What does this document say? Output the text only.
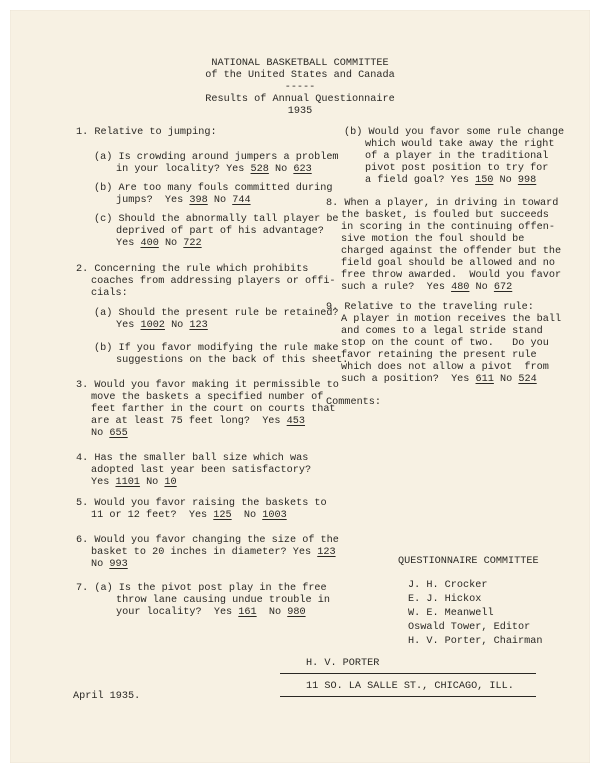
NATIONAL BASKETBALL COMMITTEE
of the United States and Canada
-----
Results of Annual Questionnaire
1935
1. Relative to jumping:
(a) Is crowding around jumpers a problem
in your locality? Yes 528 No 623
(b) Are too many fouls committed during
jumps? Yes 398 No 744
(c) Should the abnormally tall player be
deprived of part of his advantage?
Yes 400 No 722
2. Concerning the rule which prohibits
coaches from addressing players or offi-
cials:
(a) Should the present rule be retained?
Yes 1002 No 123
(b) If you favor modifying the rule make
suggestions on the back of this sheet.
3. Would you favor making it permissible to
move the baskets a specified number of
feet farther in the court on courts that
are at least 75 feet long? Yes 453
No 655
4. Has the smaller ball size which was
adopted last year been satisfactory?
Yes 1101 No 10
5. Would you favor raising the baskets to
11 or 12 feet? Yes 125 No 1003
6. Would you favor changing the size of the
basket to 20 inches in diameter? Yes 123
No 993
7. (a) Is the pivot post play in the free
throw lane causing undue trouble in
your locality? Yes 161 No 980
April 1935.
(b) Would you favor some rule change
which would take away the right
of a player in the traditional
pivot post position to try for
a field goal? Yes 150 No 998
8. When a player, in driving in toward
the basket, is fouled but succeeds
in scoring in the continuing offen-
sive motion the foul should be
charged against the offender but the
field goal should be allowed and no
free throw awarded.  Would you favor
such a rule? Yes 480 No 672
9. Relative to the traveling rule:
A player in motion receives the ball
and comes to a legal stride stand
stop on the count of two.   Do you
favor retaining the present rule
which does not allow a pivot  from
such a position? Yes 611 No 524
Comments:
QUESTIONNAIRE COMMITTEE
J. H. Crocker
E. J. Hickox
W. E. Meanwell
Oswald Tower, Editor
H. V. Porter, Chairman
H. V. PORTER
11 SO. LA SALLE ST., CHICAGO, ILL.
